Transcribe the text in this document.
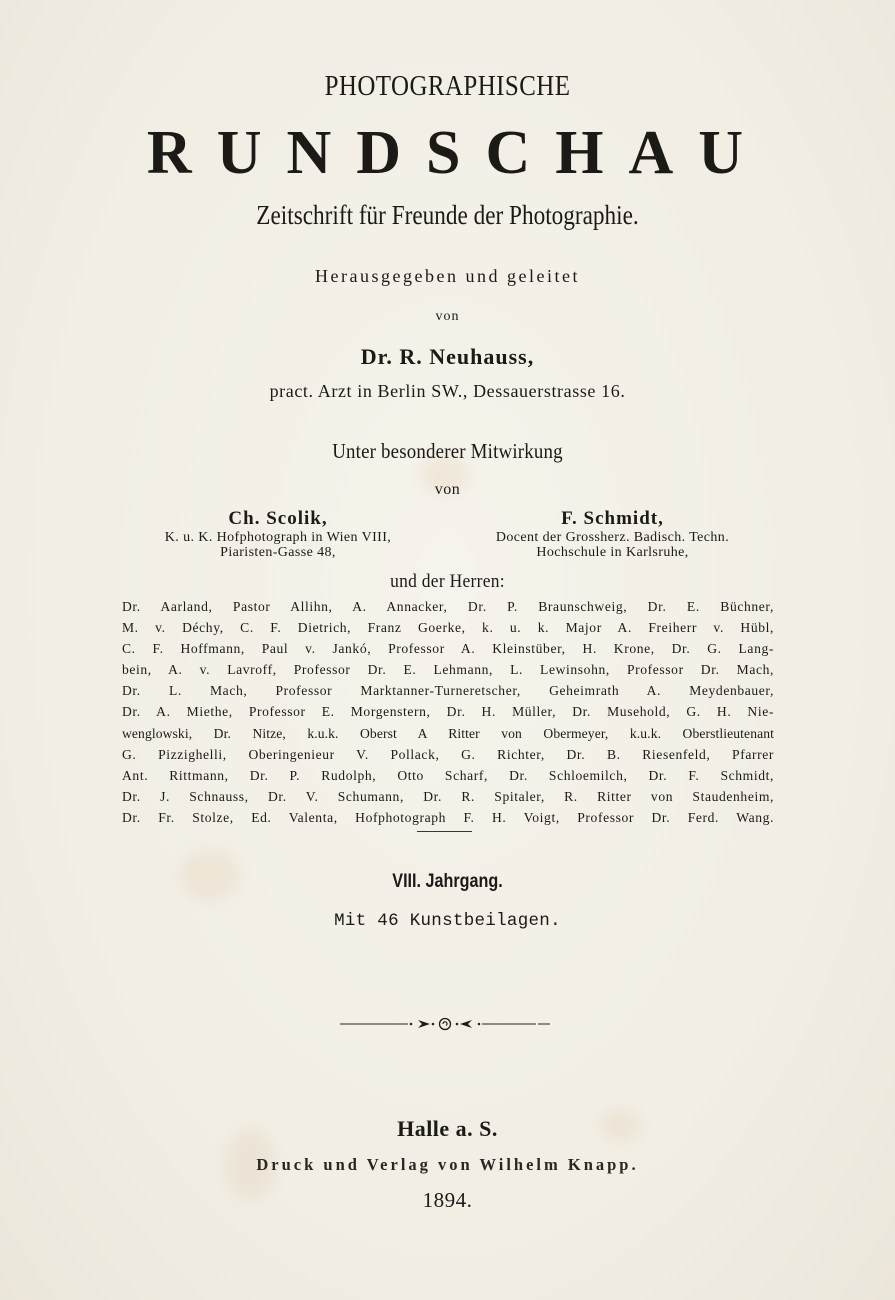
PHOTOGRAPHISCHE
RUNDSCHAU
Zeitschrift für Freunde der Photographie.
Herausgegeben und geleitet
von
Dr. R. Neuhauss,
pract. Arzt in Berlin SW., Dessauerstrasse 16.
Unter besonderer Mitwirkung
von
Ch. Scolik,
K. u. K. Hofphotograph in Wien VIII,
Piaristen-Gasse 48,
F. Schmidt,
Docent der Grossherz. Badisch. Techn.
Hochschule in Karlsruhe,
und der Herren:
Dr. Aarland, Pastor Allihn, A. Annacker, Dr. P. Braunschweig, Dr. E. Büchner,
M. v. Déchy, C. F. Dietrich, Franz Goerke, k. u. k. Major A. Freiherr v. Hübl,
C. F. Hoffmann, Paul v. Jankó, Professor A. Kleinstüber, H. Krone, Dr. G. Lang-
bein, A. v. Lavroff, Professor Dr. E. Lehmann, L. Lewinsohn, Professor Dr. Mach,
Dr. L. Mach, Professor Marktanner-Turneretscher, Geheimrath A. Meydenbauer,
Dr. A. Miethe, Professor E. Morgenstern, Dr. H. Müller, Dr. Musehold, G. H. Nie-
wenglowski, Dr. Nitze, k.u.k. Oberst A Ritter von Obermeyer, k.u.k. Oberstlieutenant
G. Pizzighelli, Oberingenieur V. Pollack, G. Richter, Dr. B. Riesenfeld, Pfarrer
Ant. Rittmann, Dr. P. Rudolph, Otto Scharf, Dr. Schloemilch, Dr. F. Schmidt,
Dr. J. Schnauss, Dr. V. Schumann, Dr. R. Spitaler, R. Ritter von Staudenheim,
Dr. Fr. Stolze, Ed. Valenta, Hofphotograph F. H. Voigt, Professor Dr. Ferd. Wang.
VIII. Jahrgang.
Mit 46 Kunstbeilagen.
Halle a. S.
Druck und Verlag von Wilhelm Knapp.
1894.
